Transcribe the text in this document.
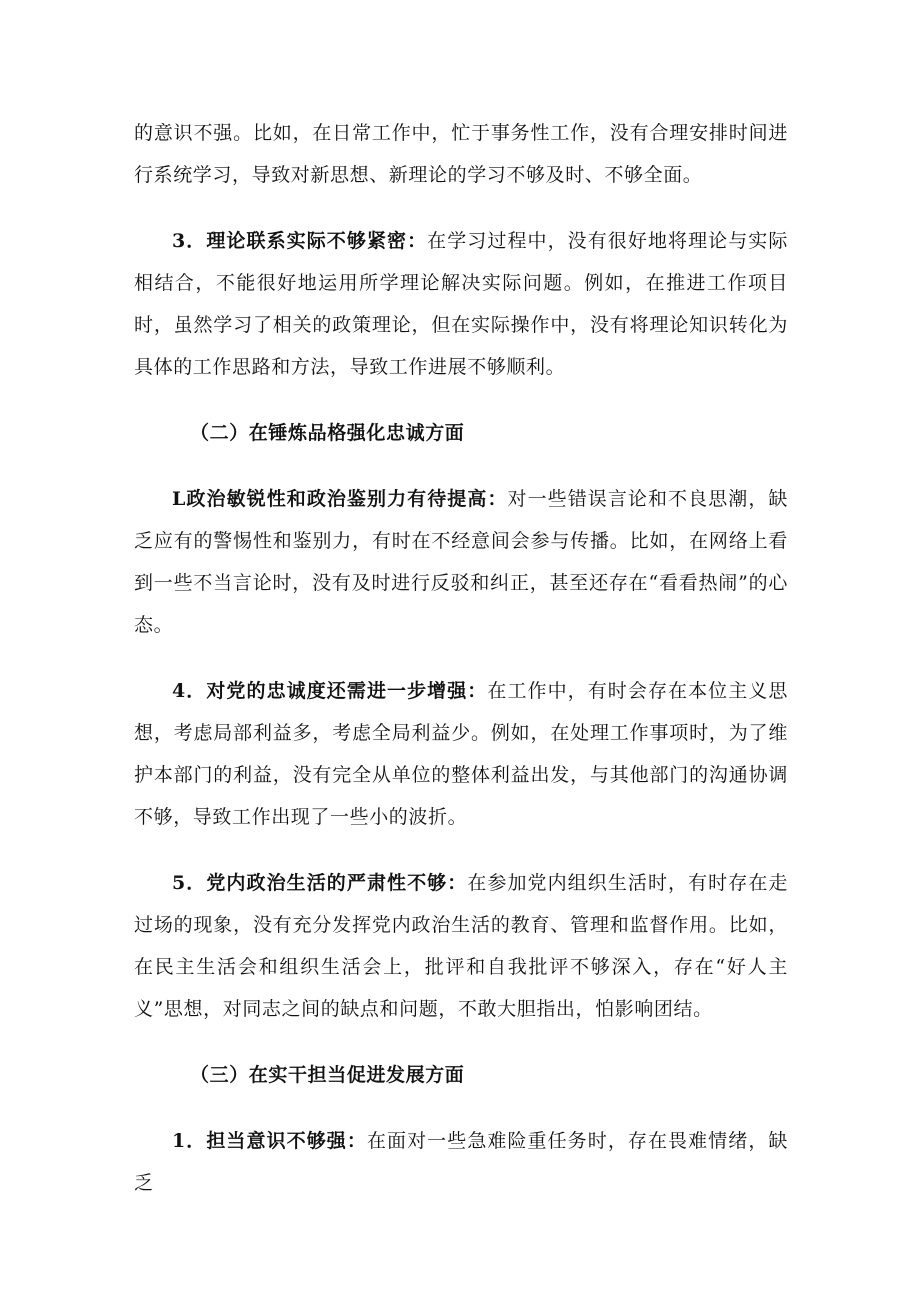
的意识不强。比如，在日常工作中，忙于事务性工作，没有合理安排时间进行系统学习，导致对新思想、新理论的学习不够及时、不够全面。

3．理论联系实际不够紧密：在学习过程中，没有很好地将理论与实际相结合，不能很好地运用所学理论解决实际问题。例如，在推进工作项目时，虽然学习了相关的政策理论，但在实际操作中，没有将理论知识转化为具体的工作思路和方法，导致工作进展不够顺利。

（二）在锤炼品格强化忠诚方面

L政治敏锐性和政治鉴别力有待提高：对一些错误言论和不良思潮，缺乏应有的警惕性和鉴别力，有时在不经意间会参与传播。比如，在网络上看到一些不当言论时，没有及时进行反驳和纠正，甚至还存在“看看热闹”的心态。

4．对党的忠诚度还需进一步增强：在工作中，有时会存在本位主义思想，考虑局部利益多，考虑全局利益少。例如，在处理工作事项时，为了维护本部门的利益，没有完全从单位的整体利益出发，与其他部门的沟通协调不够，导致工作出现了一些小的波折。

5．党内政治生活的严肃性不够：在参加党内组织生活时，有时存在走过场的现象，没有充分发挥党内政治生活的教育、管理和监督作用。比如，在民主生活会和组织生活会上，批评和自我批评不够深入，存在“好人主义”思想，对同志之间的缺点和问题，不敢大胆指出，怕影响团结。

（三）在实干担当促进发展方面

1．担当意识不够强：在面对一些急难险重任务时，存在畏难情绪，缺乏
